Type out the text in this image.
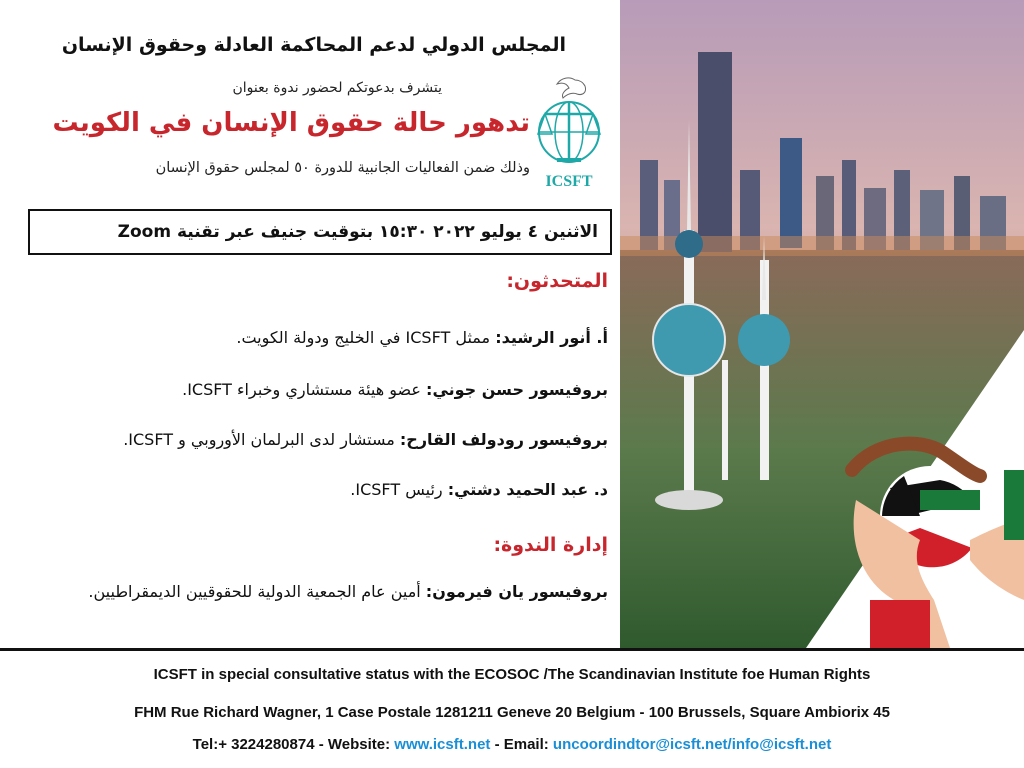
المجلس الدولي لدعم المحاكمة العادلة وحقوق الإنسان
يتشرف بدعوتكم لحضور ندوة بعنوان
تدهور حالة حقوق الإنسان في الكويت
وذلك ضمن الفعاليات الجانبية للدورة ٥٠ لمجلس حقوق الإنسان
الاثنين ٤ يوليو ٢٠٢٢ ١٥:٣٠ بتوقيت جنيف عبر تقنية Zoom
المتحدثون:
أ. أنور الرشيد: ممثل ICSFT في الخليج ودولة الكويت.
بروفيسور حسن جوني: عضو هيئة مستشاري وخبراء ICSFT.
بروفيسور رودولف القارح: مستشار لدى البرلمان الأوروبي و ICSFT.
د. عبد الحميد دشتي: رئيس ICSFT.
إدارة الندوة:
بروفيسور يان فيرمون: أمين عام الجمعية الدولية للحقوقيين الديمقراطيين.
ICSFT
ICSFT in special consultative status with the ECOSOC /The Scandinavian Institute foe Human Rights
FHM Rue Richard Wagner, 1 Case Postale 1281211 Geneve 20 Belgium - 100 Brussels, Square Ambiorix 45
Tel:+ 3224280874 - Website: www.icsft.net - Email: uncoordindtor@icsft.net/info@icsft.net
